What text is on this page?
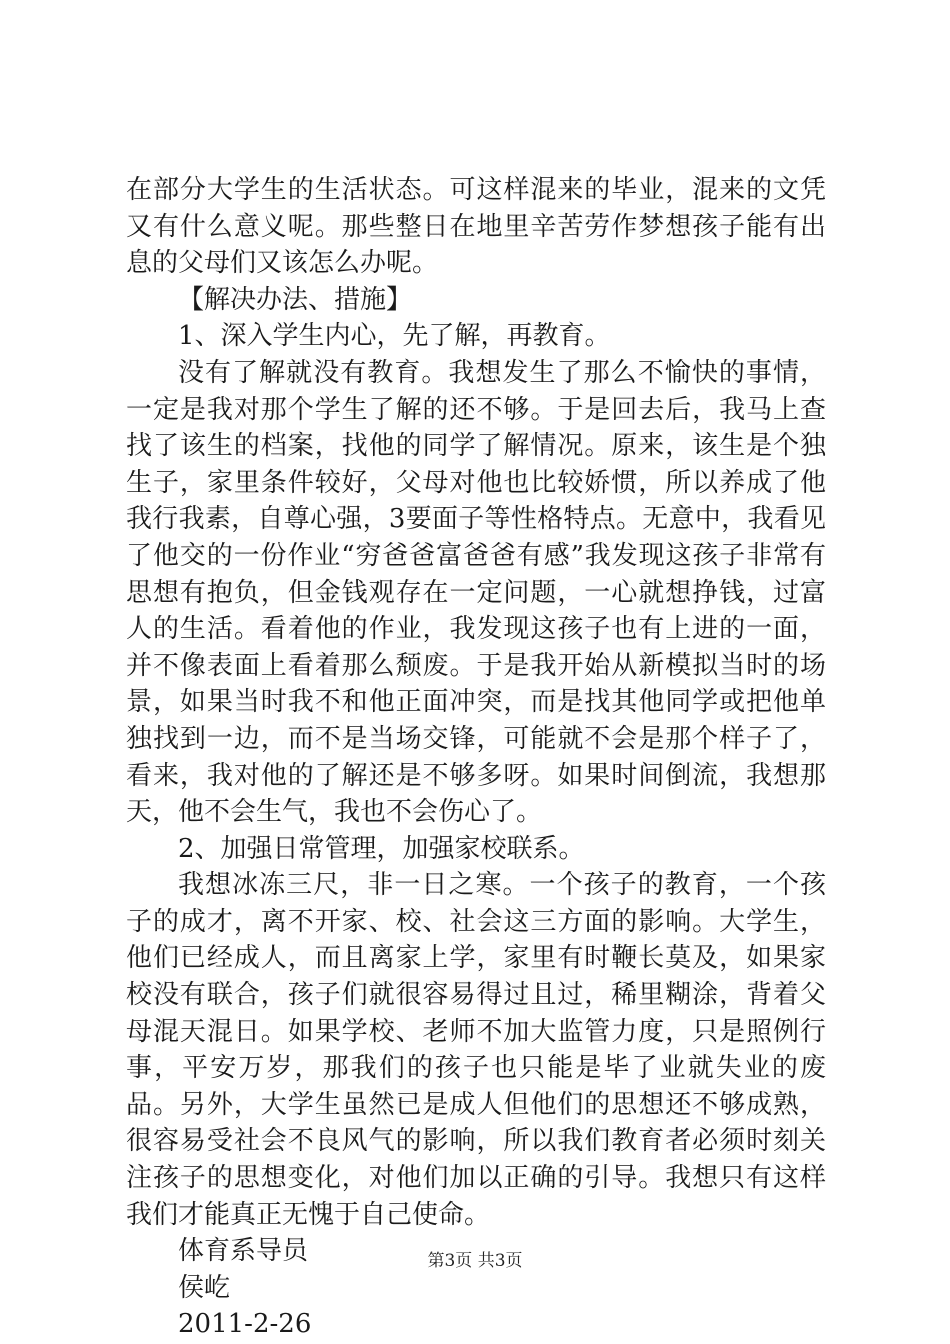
在部分大学生的生活状态。可这样混来的毕业，混来的文凭又有什么意义呢。那些整日在地里辛苦劳作梦想孩子能有出息的父母们又该怎么办呢。

【解决办法、措施】

1、深入学生内心，先了解，再教育。

没有了解就没有教育。我想发生了那么不愉快的事情，一定是我对那个学生了解的还不够。于是回去后，我马上查找了该生的档案，找他的同学了解情况。原来，该生是个独生子，家里条件较好，父母对他也比较娇惯，所以养成了他我行我素，自尊心强，3要面子等性格特点。无意中，我看见了他交的一份作业“穷爸爸富爸爸有感”我发现这孩子非常有思想有抱负，但金钱观存在一定问题，一心就想挣钱，过富人的生活。看着他的作业，我发现这孩子也有上进的一面，并不像表面上看着那么颓废。于是我开始从新模拟当时的场景，如果当时我不和他正面冲突，而是找其他同学或把他单独找到一边，而不是当场交锋，可能就不会是那个样子了，看来，我对他的了解还是不够多呀。如果时间倒流，我想那天，他不会生气，我也不会伤心了。

2、加强日常管理，加强家校联系。

我想冰冻三尺，非一日之寒。一个孩子的教育，一个孩子的成才，离不开家、校、社会这三方面的影响。大学生，他们已经成人，而且离家上学，家里有时鞭长莫及，如果家校没有联合，孩子们就很容易得过且过，稀里糊涂，背着父母混天混日。如果学校、老师不加大监管力度，只是照例行事，平安万岁，那我们的孩子也只能是毕了业就失业的废品。另外，大学生虽然已是成人但他们的思想还不够成熟，很容易受社会不良风气的影响，所以我们教育者必须时刻关注孩子的思想变化，对他们加以正确的引导。我想只有这样我们才能真正无愧于自己使命。

体育系导员

侯屹

2011-2-26

第3页 共3页
